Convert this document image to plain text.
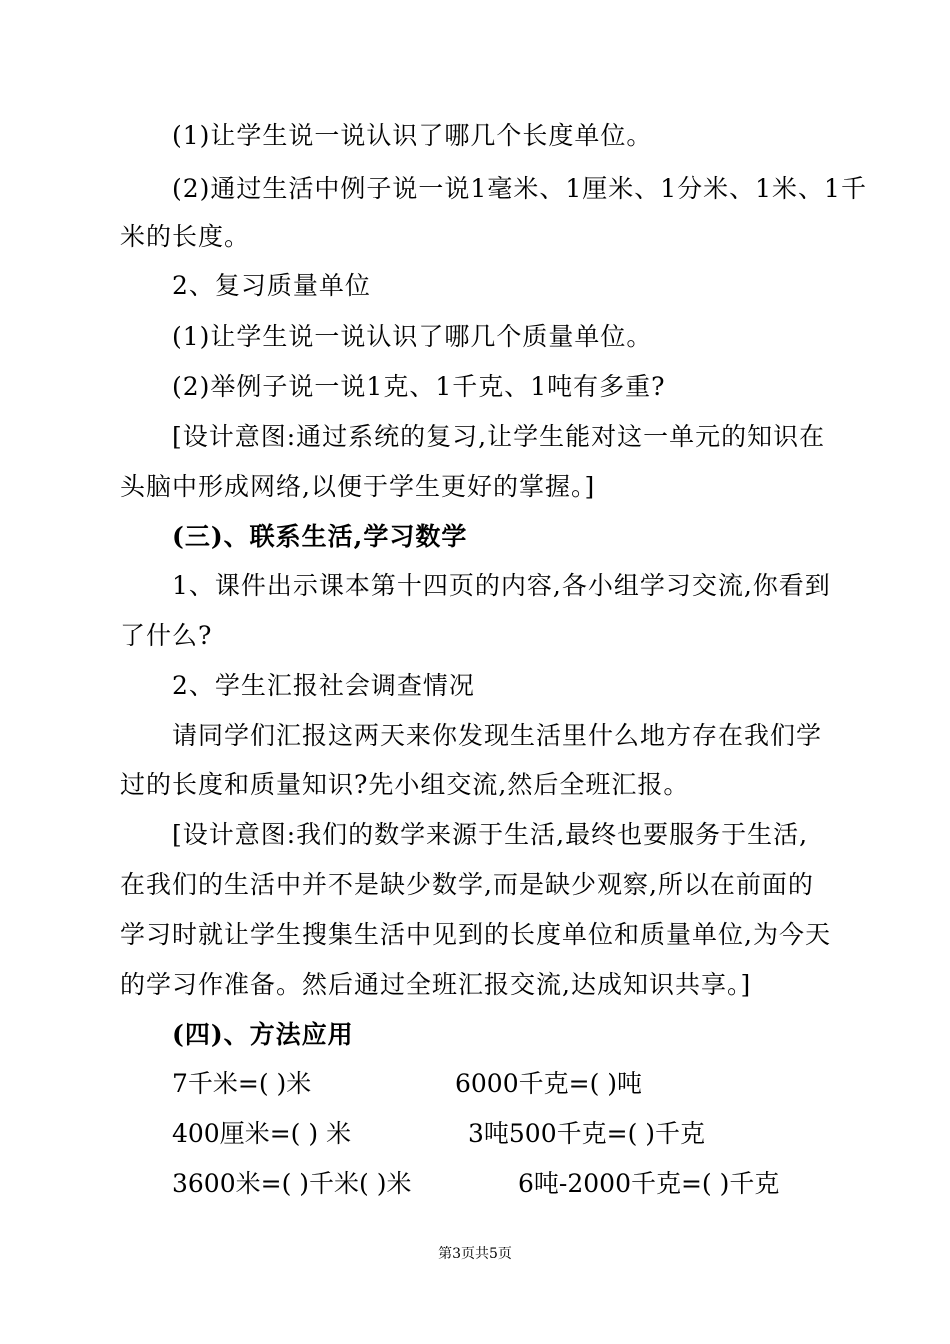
(1)让学生说一说认识了哪几个长度单位。
(2)通过生活中例子说一说1毫米、1厘米、1分米、1米、1千
米的长度。
2、复习质量单位
(1)让学生说一说认识了哪几个质量单位。
(2)举例子说一说1克、1千克、1吨有多重?
[设计意图:通过系统的复习,让学生能对这一单元的知识在
头脑中形成网络,以便于学生更好的掌握。]
(三)、联系生活,学习数学
1、课件出示课本第十四页的内容,各小组学习交流,你看到
了什么?
2、学生汇报社会调查情况
请同学们汇报这两天来你发现生活里什么地方存在我们学
过的长度和质量知识?先小组交流,然后全班汇报。
[设计意图:我们的数学来源于生活,最终也要服务于生活,
在我们的生活中并不是缺少数学,而是缺少观察,所以在前面的
学习时就让学生搜集生活中见到的长度单位和质量单位,为今天
的学习作准备。然后通过全班汇报交流,达成知识共享。]
(四)、方法应用
7千米=( )米	6000千克=( )吨
400厘米=( ) 米	3吨500千克=( )千克
3600米=( )千米( )米	6吨-2000千克=( )千克
第3页共5页
